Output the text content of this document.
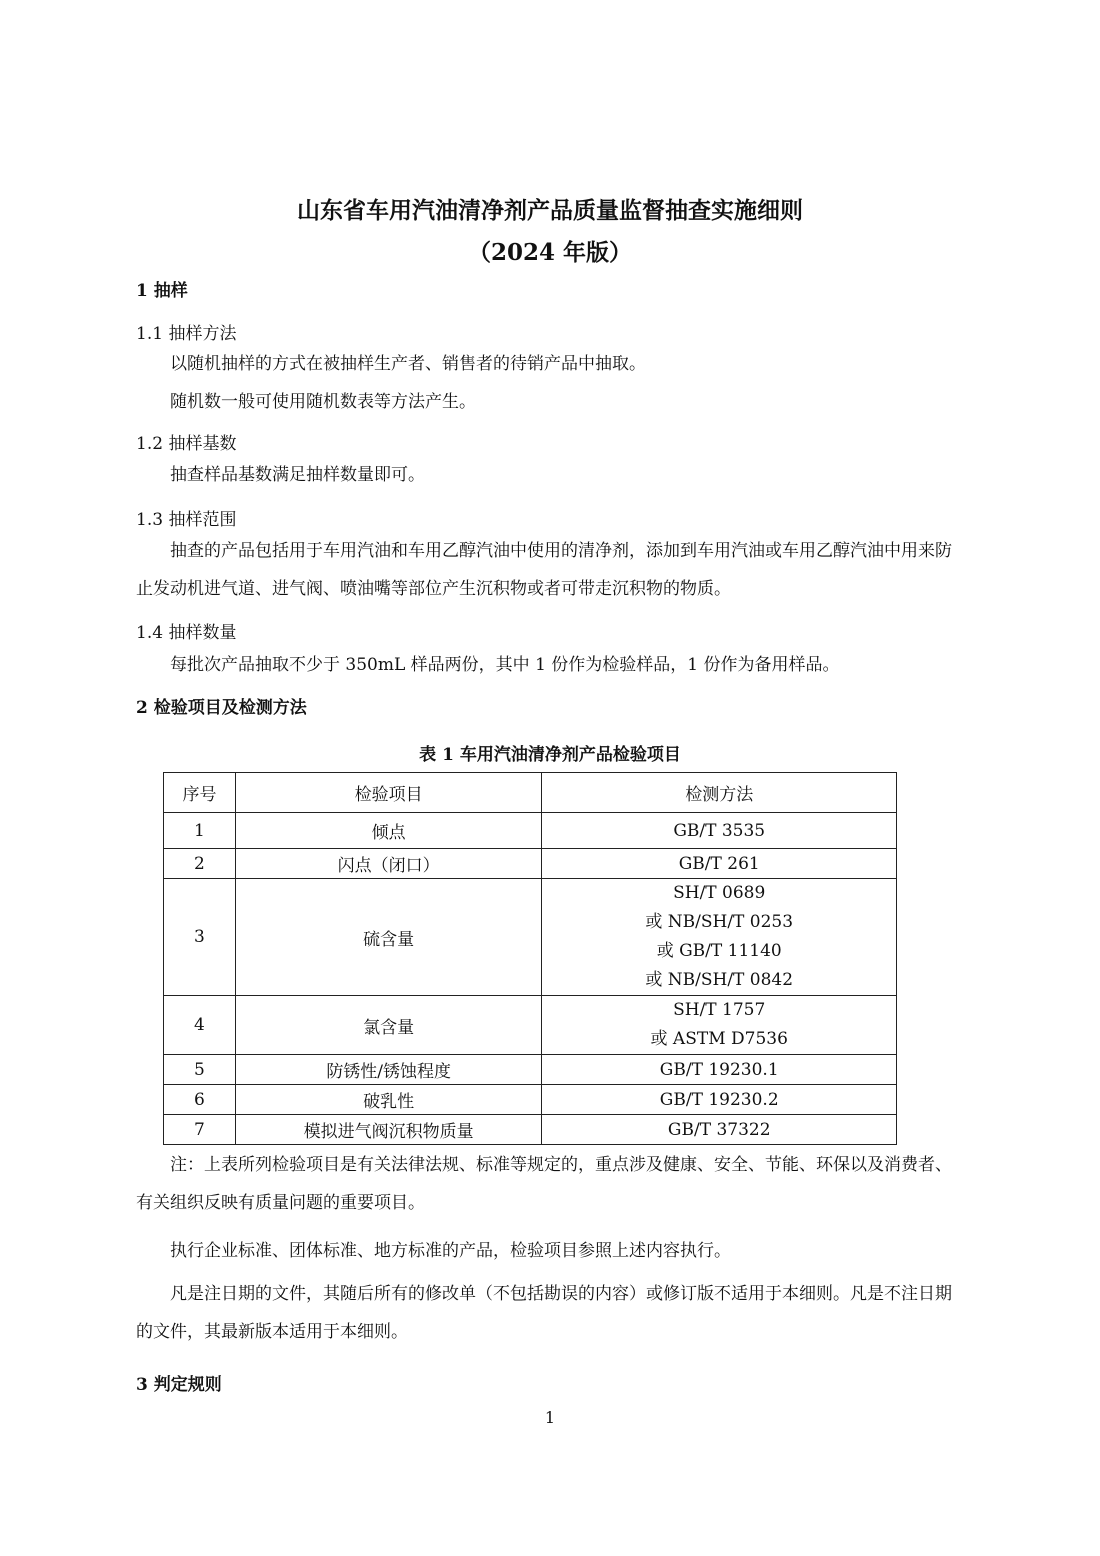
山东省车用汽油清净剂产品质量监督抽查实施细则
（2024 年版）
1 抽样
1.1 抽样方法
以随机抽样的方式在被抽样生产者、销售者的待销产品中抽取。
随机数一般可使用随机数表等方法产生。
1.2 抽样基数
抽查样品基数满足抽样数量即可。
1.3 抽样范围
抽查的产品包括用于车用汽油和车用乙醇汽油中使用的清净剂，添加到车用汽油或车用乙醇汽油中用来防止发动机进气道、进气阀、喷油嘴等部位产生沉积物或者可带走沉积物的物质。
1.4 抽样数量
每批次产品抽取不少于 350mL 样品两份，其中 1 份作为检验样品，1 份作为备用样品。
2 检验项目及检测方法
表 1 车用汽油清净剂产品检验项目
序号	检验项目	检测方法
1	倾点	GB/T 3535
2	闪点（闭口）	GB/T 261
3	硫含量	SH/T 0689
或 NB/SH/T 0253
或 GB/T 11140
或 NB/SH/T 0842

4	氯含量	SH/T 1757
或 ASTM D7536

5	防锈性/锈蚀程度	GB/T 19230.1
6	破乳性	GB/T 19230.2
7	模拟进气阀沉积物质量	GB/T 37322
注：上表所列检验项目是有关法律法规、标准等规定的，重点涉及健康、安全、节能、环保以及消费者、有关组织反映有质量问题的重要项目。
执行企业标准、团体标准、地方标准的产品，检验项目参照上述内容执行。
凡是注日期的文件，其随后所有的修改单（不包括勘误的内容）或修订版不适用于本细则。凡是不注日期的文件，其最新版本适用于本细则。
3 判定规则
1
